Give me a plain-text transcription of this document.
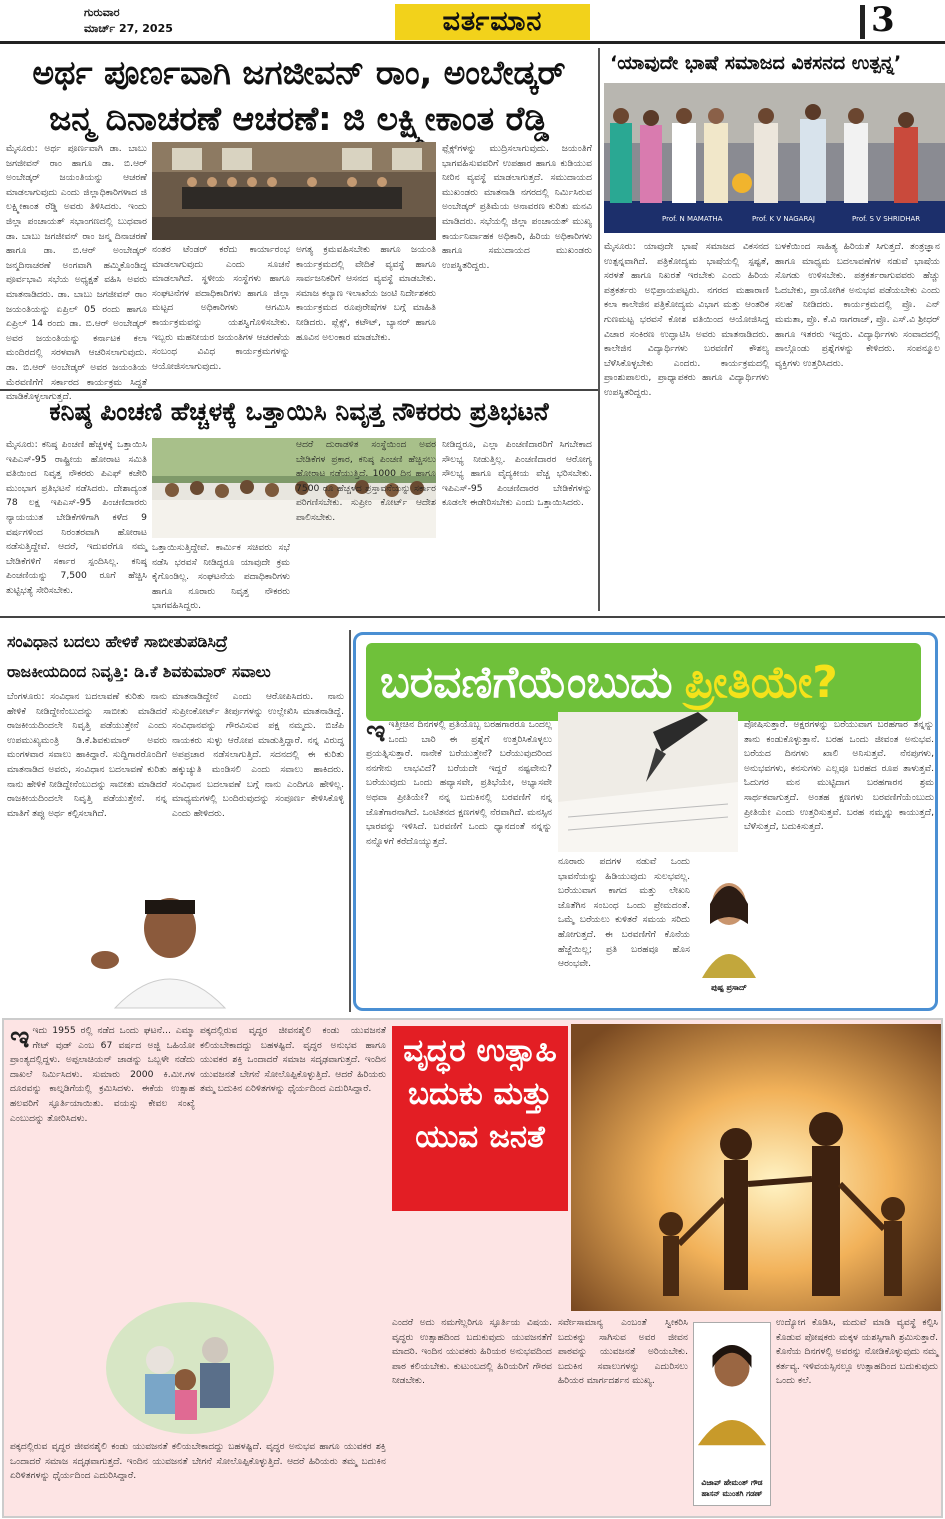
ಗುರುವಾರ
ಮಾರ್ಚ್ 27, 2025	ವರ್ತಮಾನ	3
ಅರ್ಥ ಪೂರ್ಣವಾಗಿ ಜಗಜೀವನ್ ರಾಂ, ಅಂಬೇಡ್ಕರ್
ಜನ್ಮ ದಿನಾಚರಣೆ ಆಚರಣೆ: ಜಿ ಲಕ್ಷ್ಮೀಕಾಂತ ರೆಡ್ಡಿ
ಮೈಸೂರು: ಅರ್ಥ ಪೂರ್ಣವಾಗಿ ಡಾ. ಬಾಬು ಜಗಜೀವನ್ ರಾಂ ಹಾಗೂ ಡಾ. ಬಿ.ಆರ್ ಅಂಬೇಡ್ಕರ್ ಜಯಂತಿಯನ್ನು ಆಚರಣೆ ಮಾಡಲಾಗುವುದು ಎಂದು ಜಿಲ್ಲಾಧಿಕಾರಿಗಳಾದ ಜಿ ಲಕ್ಷ್ಮೀಕಾಂತ ರೆಡ್ಡಿ ಅವರು ತಿಳಿಸಿದರು. ಇಂದು ಜಿಲ್ಲಾ ಪಂಚಾಯತ್ ಸಭಾಂಗಣದಲ್ಲಿ ಬುಧವಾರ ಡಾ. ಬಾಬು ಜಗಜೀವನ್ ರಾಂ ಜನ್ಮ ದಿನಾಚರಣೆ ಹಾಗೂ ಡಾ. ಬಿ.ಆರ್ ಅಂಬೇಡ್ಕರ್ ಜನ್ಮದಿನಾಚರಣೆ ಅಂಗವಾಗಿ ಹಮ್ಮಿಕೊಂಡಿದ್ದ ಪೂರ್ವಭಾವಿ ಸಭೆಯ ಅಧ್ಯಕ್ಷತೆ ವಹಿಸಿ ಅವರು ಮಾತನಾಡಿದರು. ಡಾ. ಬಾಬು ಜಗಜೀವನ್ ರಾಂ ಜಯಂತಿಯನ್ನು ಏಪ್ರಿಲ್ 05 ರಂದು ಹಾಗೂ ಏಪ್ರಿಲ್ 14 ರಂದು ಡಾ. ಬಿ.ಆರ್ ಅಂಬೇಡ್ಕರ್ ಅವರ ಜಯಂತಿಯನ್ನು ಕರ್ನಾಟಕ ಕಲಾ ಮಂದಿರದಲ್ಲಿ ಸರಳವಾಗಿ ಆಚರಿಸಲಾಗುವುದು. ಡಾ. ಬಿ.ಆರ್ ಅಂಬೇಡ್ಕರ್ ಅವರ ಜಯಂತಿಯ ಮೆರವಣಿಗೆಗೆ ಸರ್ಕಾರದ ಕಾರ್ಯಕ್ರಮ ಸಿದ್ಧತೆ ಮಾಡಿಕೊಳ್ಳಲಾಗುತ್ತದೆ.
ನಂತರ ಟೆಂಡರ್ ಕರೆದು ಕಾರ್ಯಾರಂಭ ಮಾಡಲಾಗುವುದು ಎಂದು ಸೂಚನೆ ಮಾಡಲಾಗಿದೆ. ಸ್ಥಳೀಯ ಸಂಸ್ಥೆಗಳು ಹಾಗೂ ಸಂಘಟನೆಗಳ ಪದಾಧಿಕಾರಿಗಳು ಹಾಗೂ ಜಿಲ್ಲಾ ಮಟ್ಟದ ಅಧಿಕಾರಿಗಳು ಆಗಮಿಸಿ ಕಾರ್ಯಕ್ರಮವನ್ನು ಯಶಸ್ವಿಗೊಳಿಸಬೇಕು. ಇಬ್ಬರು ಮಹನೀಯರ ಜಯಂತಿಗಳ ಆಚರಣೆಯ ಸಂಬಂಧ ವಿವಿಧ ಕಾರ್ಯಕ್ರಮಗಳನ್ನು ಆಯೋಜಿಸಲಾಗುವುದು.
ಅಗತ್ಯ ಕ್ರಮವಹಿಸಬೇಕು ಹಾಗೂ ಜಯಂತಿ ಕಾರ್ಯಕ್ರಮದಲ್ಲಿ ವೇದಿಕೆ ವ್ಯವಸ್ಥೆ ಹಾಗೂ ಸಾರ್ವಜನಿಕರಿಗೆ ಆಸನದ ವ್ಯವಸ್ಥೆ ಮಾಡಬೇಕು. ಸಮಾಜ ಕಲ್ಯಾಣ ಇಲಾಖೆಯ ಜಂಟಿ ನಿರ್ದೇಶಕರು ಕಾರ್ಯಕ್ರಮದ ರೂಪುರೇಷೆಗಳ ಬಗ್ಗೆ ಮಾಹಿತಿ ನೀಡಿದರು. ಪ್ಲೆಕ್ಸ್, ಕಟೌಟ್, ಬ್ಯಾನರ್ ಹಾಗೂ ಹೂವಿನ ಅಲಂಕಾರ ಮಾಡಬೇಕು.
ಫ್ಲೆಕ್ಸ್‌ಗಳನ್ನು ಮುದ್ರಿಸಲಾಗುವುದು. ಜಯಂತಿಗೆ ಭಾಗವಹಿಸುವವರಿಗೆ ಉಪಹಾರ ಹಾಗೂ ಕುಡಿಯುವ ನೀರಿನ ವ್ಯವಸ್ಥೆ ಮಾಡಲಾಗುತ್ತದೆ. ಸಮುದಾಯದ ಮುಖಂಡರು ಮಾತನಾಡಿ ನಗರದಲ್ಲಿ ನಿರ್ಮಿಸಿರುವ ಅಂಬೇಡ್ಕರ್ ಪ್ರತಿಮೆಯ ಅನಾವರಣ ಕುರಿತು ಮನವಿ ಮಾಡಿದರು. ಸಭೆಯಲ್ಲಿ ಜಿಲ್ಲಾ ಪಂಚಾಯತ್ ಮುಖ್ಯ ಕಾರ್ಯನಿರ್ವಾಹಕ ಅಧಿಕಾರಿ, ಹಿರಿಯ ಅಧಿಕಾರಿಗಳು ಹಾಗೂ ಸಮುದಾಯದ ಮುಖಂಡರು ಉಪಸ್ಥಿತರಿದ್ದರು.
ಕನಿಷ್ಠ ಪಿಂಚಣಿ ಹೆಚ್ಚಳಕ್ಕೆ ಒತ್ತಾಯಿಸಿ ನಿವೃತ್ತ ನೌಕರರು ಪ್ರತಿಭಟನೆ
ಮೈಸೂರು: ಕನಿಷ್ಠ ಪಿಂಚಣಿ ಹೆಚ್ಚಳಕ್ಕೆ ಒತ್ತಾಯಿಸಿ ಇಪಿಎಸ್-95 ರಾಷ್ಟ್ರೀಯ ಹೋರಾಟ ಸಮಿತಿ ವತಿಯಿಂದ ನಿವೃತ್ತ ನೌಕರರು ಪಿಎಫ್ ಕಚೇರಿ ಮುಂಭಾಗ ಪ್ರತಿಭಟನೆ ನಡೆಸಿದರು. ದೇಶಾದ್ಯಂತ 78 ಲಕ್ಷ ಇಪಿಎಸ್-95 ಪಿಂಚಣಿದಾರರು ನ್ಯಾಯಯುತ ಬೇಡಿಕೆಗಳಿಗಾಗಿ ಕಳೆದ 9 ವರ್ಷಗಳಿಂದ ನಿರಂತರವಾಗಿ ಹೋರಾಟ ನಡೆಸುತ್ತಿದ್ದೇವೆ. ಆದರೆ, ಇದುವರೆಗೂ ನಮ್ಮ ಬೇಡಿಕೆಗಳಿಗೆ ಸರ್ಕಾರ ಸ್ಪಂದಿಸಿಲ್ಲ. ಕನಿಷ್ಠ ಪಿಂಚಣಿಯನ್ನು 7,500 ರೂಗೆ ಹೆಚ್ಚಿಸಿ ತುಟ್ಟಿಭತ್ಯೆ ಸೇರಿಸಬೇಕು.
ಒತ್ತಾಯಿಸುತ್ತಿದ್ದೇವೆ. ಕಾರ್ಮಿಕ ಸಚಿವರು ಸಭೆ ನಡೆಸಿ ಭರವಸೆ ನೀಡಿದ್ದರೂ ಯಾವುದೇ ಕ್ರಮ ಕೈಗೊಂಡಿಲ್ಲ. ಸಂಘಟನೆಯ ಪದಾಧಿಕಾರಿಗಳು ಹಾಗೂ ನೂರಾರು ನಿವೃತ್ತ ನೌಕರರು ಭಾಗವಹಿಸಿದ್ದರು.
ಆದರೆ ದುರಾಡಳಿತ ಸಂಸ್ಥೆಯಿಂದ ಅವರ ಬೇಡಿಕೆಗಳ ಪ್ರಕಾರ, ಕನಿಷ್ಠ ಪಿಂಚಣಿ ಹೆಚ್ಚಿಸಲು ಹೋರಾಟ ನಡೆಯುತ್ತಿದೆ. 1000 ದಿನ ಹಾಗೂ 7500 ರೂ ಹೆಚ್ಚಳದ ಪ್ರಸ್ತಾವನೆಯನ್ನು ಸರ್ಕಾರ ಪರಿಗಣಿಸಬೇಕು. ಸುಪ್ರೀಂ ಕೋರ್ಟ್ ಆದೇಶ ಪಾಲಿಸಬೇಕು.
ನೀಡಿದ್ದರೂ, ಎಲ್ಲಾ ಪಿಂಚಣಿದಾರರಿಗೆ ಸಿಗಬೇಕಾದ ಸೌಲಭ್ಯ ನೀಡುತ್ತಿಲ್ಲ. ಪಿಂಚಣಿದಾರರ ಆರೋಗ್ಯ ಸೌಲಭ್ಯ ಹಾಗೂ ವೈದ್ಯಕೀಯ ವೆಚ್ಚ ಭರಿಸಬೇಕು. ಇಪಿಎಸ್-95 ಪಿಂಚಣಿದಾರರ ಬೇಡಿಕೆಗಳನ್ನು ಕೂಡಲೇ ಈಡೇರಿಸಬೇಕು ಎಂದು ಒತ್ತಾಯಿಸಿದರು.
‘ಯಾವುದೇ ಭಾಷೆ ಸಮಾಜದ ವಿಕಸನದ ಉತ್ಪನ್ನ’
Prof. N MAMATHA	Prof. K V NAGARAJ	Prof. S V SHRIDHAR
ಮೈಸೂರು: ಯಾವುದೇ ಭಾಷೆ ಸಮಾಜದ ವಿಕಸನದ ಉತ್ಪನ್ನವಾಗಿದೆ. ಪತ್ರಿಕೋದ್ಯಮ ಭಾಷೆಯಲ್ಲಿ ಸ್ಪಷ್ಟತೆ, ಸರಳತೆ ಹಾಗೂ ನಿಖರತೆ ಇರಬೇಕು ಎಂದು ಹಿರಿಯ ಪತ್ರಕರ್ತರು ಅಭಿಪ್ರಾಯಪಟ್ಟರು. ನಗರದ ಮಹಾರಾಣಿ ಕಲಾ ಕಾಲೇಜಿನ ಪತ್ರಿಕೋದ್ಯಮ ವಿಭಾಗ ಮತ್ತು ಆಂತರಿಕ ಗುಣಮಟ್ಟ ಭರವಸೆ ಕೋಶ ವತಿಯಿಂದ ಆಯೋಜಿಸಿದ್ದ ವಿಚಾರ ಸಂಕಿರಣ ಉದ್ಘಾಟಿಸಿ ಅವರು ಮಾತನಾಡಿದರು. ಕಾಲೇಜಿನ ವಿದ್ಯಾರ್ಥಿಗಳು ಬರವಣಿಗೆ ಕೌಶಲ್ಯ ಬೆಳೆಸಿಕೊಳ್ಳಬೇಕು ಎಂದರು. ಕಾರ್ಯಕ್ರಮದಲ್ಲಿ ಪ್ರಾಂಶುಪಾಲರು, ಪ್ರಾಧ್ಯಾಪಕರು ಹಾಗೂ ವಿದ್ಯಾರ್ಥಿಗಳು ಉಪಸ್ಥಿತರಿದ್ದರು.
ಬಳಕೆಯಿಂದ ಸಾಹಿತ್ಯ ಹಿರಿಯತೆ ಸಿಗುತ್ತದೆ. ತಂತ್ರಜ್ಞಾನ ಹಾಗೂ ಮಾಧ್ಯಮ ಬದಲಾವಣೆಗಳ ನಡುವೆ ಭಾಷೆಯ ಸೊಗಡು ಉಳಿಸಬೇಕು. ಪತ್ರಕರ್ತರಾಗುವವರು ಹೆಚ್ಚು ಓದಬೇಕು, ಪ್ರಾಯೋಗಿಕ ಅನುಭವ ಪಡೆಯಬೇಕು ಎಂದು ಸಲಹೆ ನೀಡಿದರು. ಕಾರ್ಯಕ್ರಮದಲ್ಲಿ ಪ್ರೊ. ಎನ್ ಮಮತಾ, ಪ್ರೊ. ಕೆ.ವಿ ನಾಗರಾಜ್, ಪ್ರೊ. ಎಸ್.ವಿ ಶ್ರೀಧರ್ ಹಾಗೂ ಇತರರು ಇದ್ದರು. ವಿದ್ಯಾರ್ಥಿಗಳು ಸಂವಾದದಲ್ಲಿ ಪಾಲ್ಗೊಂಡು ಪ್ರಶ್ನೆಗಳನ್ನು ಕೇಳಿದರು. ಸಂಪನ್ಮೂಲ ವ್ಯಕ್ತಿಗಳು ಉತ್ತರಿಸಿದರು.
ಸಂವಿಧಾನ ಬದಲು ಹೇಳಿಕೆ ಸಾಬೀತುಪಡಿಸಿದ್ರೆ
ರಾಜಕೀಯದಿಂದ ನಿವೃತ್ತಿ: ಡಿ.ಕೆ ಶಿವಕುಮಾರ್ ಸವಾಲು
ಬೆಂಗಳೂರು: ಸಂವಿಧಾನ ಬದಲಾವಣೆ ಕುರಿತು ನಾನು ಹೇಳಿಕೆ ನೀಡಿದ್ದೇನೆಂಬುದನ್ನು ಸಾಬೀತು ಮಾಡಿದರೆ ರಾಜಕೀಯದಿಂದಲೇ ನಿವೃತ್ತಿ ಪಡೆಯುತ್ತೇನೆ ಎಂದು ಉಪಮುಖ್ಯಮಂತ್ರಿ ಡಿ.ಕೆ.ಶಿವಕುಮಾರ್ ಅವರು ಮಂಗಳವಾರ ಸವಾಲು ಹಾಕಿದ್ದಾರೆ. ಸುದ್ದಿಗಾರರೊಂದಿಗೆ ಮಾತನಾಡಿದ ಅವರು, ಸಂವಿಧಾನ ಬದಲಾವಣೆ ಕುರಿತು ನಾನು ಹೇಳಿಕೆ ನೀಡಿದ್ದೇನೆಂಬುದನ್ನು ಸಾಬೀತು ಮಾಡಿದರೆ ರಾಜಕೀಯದಿಂದಲೇ ನಿವೃತ್ತಿ ಪಡೆಯುತ್ತೇನೆ. ನನ್ನ ಮಾತಿಗೆ ತಪ್ಪು ಅರ್ಥ ಕಲ್ಪಿಸಲಾಗಿದೆ.
ಮಾತನಾಡಿದ್ದೇನೆ ಎಂದು ಆರೋಪಿಸಿದರು. ನಾನು ಸುಪ್ರೀಂಕೋರ್ಟ್ ತೀರ್ಪುಗಳನ್ನು ಉಲ್ಲೇಖಿಸಿ ಮಾತನಾಡಿದ್ದೆ. ಸಂವಿಧಾನವನ್ನು ಗೌರವಿಸುವ ಪಕ್ಷ ನಮ್ಮದು. ಬಿಜೆಪಿ ನಾಯಕರು ಸುಳ್ಳು ಆರೋಪ ಮಾಡುತ್ತಿದ್ದಾರೆ. ನನ್ನ ವಿರುದ್ಧ ಅಪಪ್ರಚಾರ ನಡೆಸಲಾಗುತ್ತಿದೆ. ಸದನದಲ್ಲಿ ಈ ಕುರಿತು ಹಕ್ಕುಚ್ಯುತಿ ಮಂಡಿಸಲಿ ಎಂದು ಸವಾಲು ಹಾಕಿದರು. ಸಂವಿಧಾನ ಬದಲಾವಣೆ ಬಗ್ಗೆ ನಾನು ಎಂದಿಗೂ ಹೇಳಿಲ್ಲ. ಮಾಧ್ಯಮಗಳಲ್ಲಿ ಬಂದಿರುವುದನ್ನು ಸಂಪೂರ್ಣ ಕೇಳಿಸಿಕೊಳ್ಳಿ ಎಂದು ಹೇಳಿದರು.
ಬರವಣಿಗೆಯೆಂಬುದು ಪ್ರೀತಿಯೇ?
ಇಇತ್ತೀಚಿನ ದಿನಗಳಲ್ಲಿ ಪ್ರತಿಯೊಬ್ಬ ಬರಹಗಾರರೂ ಒಂದಲ್ಲ ಒಂದು ಬಾರಿ ಈ ಪ್ರಶ್ನೆಗೆ ಉತ್ತರಿಸಿಕೊಳ್ಳಲು ಪ್ರಯತ್ನಿಸುತ್ತಾರೆ. ನಾನೇಕೆ ಬರೆಯುತ್ತೇನೆ? ಬರೆಯುವುದರಿಂದ ನನಗೇನು ಲಾಭವಿದೆ? ಬರೆಯದೇ ಇದ್ದರೆ ನಷ್ಟವೇನು? ಬರೆಯುವುದು ಒಂದು ಹವ್ಯಾಸವೇ, ಪ್ರತಿಭೆಯೇ, ಅಭ್ಯಾಸವೇ ಅಥವಾ ಪ್ರೀತಿಯೇ? ನನ್ನ ಬದುಕಿನಲ್ಲಿ ಬರವಣಿಗೆ ನನ್ನ ಜೊತೆಗಾರನಾಗಿದೆ. ಒಂಟಿತನದ ಕ್ಷಣಗಳಲ್ಲಿ ನೆರವಾಗಿದೆ. ಮನಸ್ಸಿನ ಭಾರವನ್ನು ಇಳಿಸಿದೆ. ಬರವಣಿಗೆ ಒಂದು ಧ್ಯಾನದಂತೆ ನನ್ನನ್ನು ನನ್ನೊಳಗೆ ಕರೆದೊಯ್ಯುತ್ತದೆ.
ನೂರಾರು ಪದಗಳ ನಡುವೆ ಒಂದು ಭಾವನೆಯನ್ನು ಹಿಡಿಯುವುದು ಸುಲಭವಲ್ಲ. ಬರೆಯುವಾಗ ಕಾಗದ ಮತ್ತು ಲೇಖನಿ ಜೊತೆಗಿನ ಸಂಬಂಧ ಒಂದು ಪ್ರೇಮದಂತೆ. ಒಮ್ಮೆ ಬರೆಯಲು ಕುಳಿತರೆ ಸಮಯ ಸರಿದು ಹೋಗುತ್ತದೆ. ಈ ಬರವಣಿಗೆಗೆ ಕೊನೆಯ ಹೆಜ್ಜೆಯಿಲ್ಲ; ಪ್ರತಿ ಬರಹವೂ ಹೊಸ ಆರಂಭವೇ.
ಪುಷ್ಪ ಪ್ರಸಾದ್
ಪೋಷಿಸುತ್ತಾರೆ. ಅಕ್ಷರಗಳನ್ನು ಬರೆಯುವಾಗ ಬರಹಗಾರ ತನ್ನನ್ನು ತಾನು ಕಂಡುಕೊಳ್ಳುತ್ತಾನೆ. ಬರಹ ಒಂದು ಜೀವಂತ ಅನುಭವ. ಬರೆಯದ ದಿನಗಳು ಖಾಲಿ ಅನಿಸುತ್ತವೆ. ನೆನಪುಗಳು, ಅನುಭವಗಳು, ಕನಸುಗಳು ಎಲ್ಲವೂ ಬರಹದ ರೂಪ ತಾಳುತ್ತವೆ. ಓದುಗರ ಮನ ಮುಟ್ಟಿದಾಗ ಬರಹಗಾರನ ಶ್ರಮ ಸಾರ್ಥಕವಾಗುತ್ತದೆ. ಅಂತಹ ಕ್ಷಣಗಳು ಬರವಣಿಗೆಯೆಂಬುದು ಪ್ರೀತಿಯೇ ಎಂದು ಉತ್ತರಿಸುತ್ತವೆ. ಬರಹ ನಮ್ಮನ್ನು ಕಾಯುತ್ತದೆ, ಬೆಳೆಸುತ್ತದೆ, ಬದುಕಿಸುತ್ತದೆ.
ಇಇದು 1955 ರಲ್ಲಿ ನಡೆದ ಒಂದು ಘಟನೆ... ಎಮ್ಮಾ ಗೇಟ್ ವುಡ್ ಎಂಬ 67 ವರ್ಷದ ಅಜ್ಜಿ ಒಹಿಯೋ ಪ್ರಾಂತ್ಯದಲ್ಲಿದ್ದಳು. ಅಪ್ಪಲಾಚಿಯನ್ ಜಾಡನ್ನು ಒಬ್ಬಳೇ ನಡೆದು ದಾಖಲೆ ನಿರ್ಮಿಸಿದಳು. ಸುಮಾರು 2000 ಕಿ.ಮೀ.ಗಳ ದೂರವನ್ನು ಕಾಲ್ನಡಿಗೆಯಲ್ಲಿ ಕ್ರಮಿಸಿದಳು. ಈಕೆಯ ಉತ್ಸಾಹ ಹಲವರಿಗೆ ಸ್ಫೂರ್ತಿಯಾಯಿತು. ವಯಸ್ಸು ಕೇವಲ ಸಂಖ್ಯೆ ಎಂಬುದನ್ನು ತೋರಿಸಿದಳು.
ಪಕ್ಕದಲ್ಲಿರುವ ವೃದ್ಧರ ಜೀವನಶೈಲಿ ಕಂಡು ಯುವಜನತೆ ಕಲಿಯಬೇಕಾದದ್ದು ಬಹಳಷ್ಟಿದೆ. ವೃದ್ಧರ ಅನುಭವ ಹಾಗೂ ಯುವಕರ ಶಕ್ತಿ ಒಂದಾದರೆ ಸಮಾಜ ಸದೃಢವಾಗುತ್ತದೆ. ಇಂದಿನ ಯುವಜನತೆ ಬೇಗನೆ ಸೋಲೊಪ್ಪಿಕೊಳ್ಳುತ್ತಿದೆ. ಆದರೆ ಹಿರಿಯರು ತಮ್ಮ ಬದುಕಿನ ಏರಿಳಿತಗಳನ್ನು ಧೈರ್ಯದಿಂದ ಎದುರಿಸಿದ್ದಾರೆ.
ಪಕ್ಕದಲ್ಲಿರುವ ವೃದ್ಧರ ಜೀವನಶೈಲಿ ಕಂಡು ಯುವಜನತೆ ಕಲಿಯಬೇಕಾದದ್ದು ಬಹಳಷ್ಟಿದೆ. ವೃದ್ಧರ ಅನುಭವ ಹಾಗೂ ಯುವಕರ ಶಕ್ತಿ ಒಂದಾದರೆ ಸಮಾಜ ಸದೃಢವಾಗುತ್ತದೆ. ಇಂದಿನ ಯುವಜನತೆ ಬೇಗನೆ ಸೋಲೊಪ್ಪಿಕೊಳ್ಳುತ್ತಿದೆ. ಆದರೆ ಹಿರಿಯರು ತಮ್ಮ ಬದುಕಿನ ಏರಿಳಿತಗಳನ್ನು ಧೈರ್ಯದಿಂದ ಎದುರಿಸಿದ್ದಾರೆ.
ವೃದ್ಧರ ಉತ್ಸಾಹಿ ಬದುಕು ಮತ್ತು ಯುವ ಜನತೆ
ಎಂದರೆ ಅದು ನಮಗೆಲ್ಲರಿಗೂ ಸ್ಫೂರ್ತಿಯ ವಿಷಯ. ವೃದ್ಧರು ಉತ್ಸಾಹದಿಂದ ಬದುಕುವುದು ಯುವಜನತೆಗೆ ಮಾದರಿ. ಇಂದಿನ ಯುವಕರು ಹಿರಿಯರ ಅನುಭವದಿಂದ ಪಾಠ ಕಲಿಯಬೇಕು. ಕುಟುಂಬದಲ್ಲಿ ಹಿರಿಯರಿಗೆ ಗೌರವ ನೀಡಬೇಕು.
ಸರ್ವೇಸಾಮಾನ್ಯ ಎಂಬಂತೆ ಸ್ವೀಕರಿಸಿ ಬದುಕನ್ನು ಸಾಗಿಸುವ ಅವರ ಜೀವನ ಪಾಠವನ್ನು ಯುವಜನತೆ ಅರಿಯಬೇಕು. ಬದುಕಿನ ಸವಾಲುಗಳನ್ನು ಎದುರಿಸಲು ಹಿರಿಯರ ಮಾರ್ಗದರ್ಶನ ಮುಖ್ಯ.
ವಿಜಾಪ್ ಹೇಮಂತ್ ಗೌಡ
ಹಾಸನ್ ಮುಂತಗಿ ಗಡಣ್
ಉದ್ಯೋಗ ಕೊಡಿಸಿ, ಮದುವೆ ಮಾಡಿ ವ್ಯವಸ್ಥೆ ಕಲ್ಪಿಸಿ ಕೊಡುವ ಪೋಷಕರು ಮಕ್ಕಳ ಯಶಸ್ಸಿಗಾಗಿ ಶ್ರಮಿಸುತ್ತಾರೆ. ಕೊನೆಯ ದಿನಗಳಲ್ಲಿ ಅವರನ್ನು ನೋಡಿಕೊಳ್ಳುವುದು ನಮ್ಮ ಕರ್ತವ್ಯ. ಇಳಿವಯಸ್ಸಿನಲ್ಲೂ ಉತ್ಸಾಹದಿಂದ ಬದುಕುವುದು ಒಂದು ಕಲೆ.
